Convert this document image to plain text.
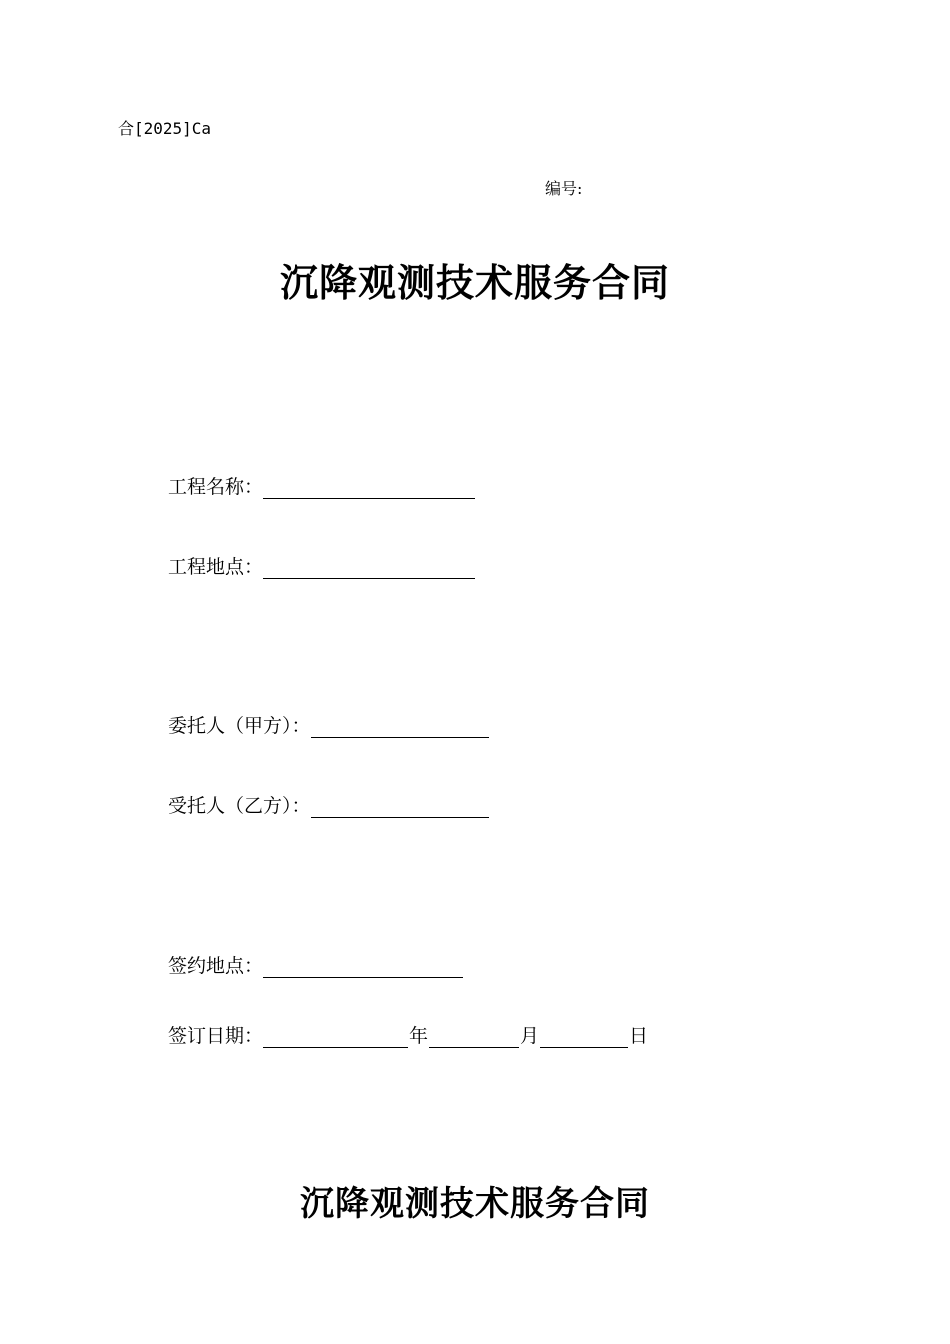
合[2025]Ca
编号:
沉降观测技术服务合同
工程名称：
工程地点：
委托人（甲方）：
受托人（乙方）：
签约地点：
签订日期：	年	月	日
沉降观测技术服务合同
